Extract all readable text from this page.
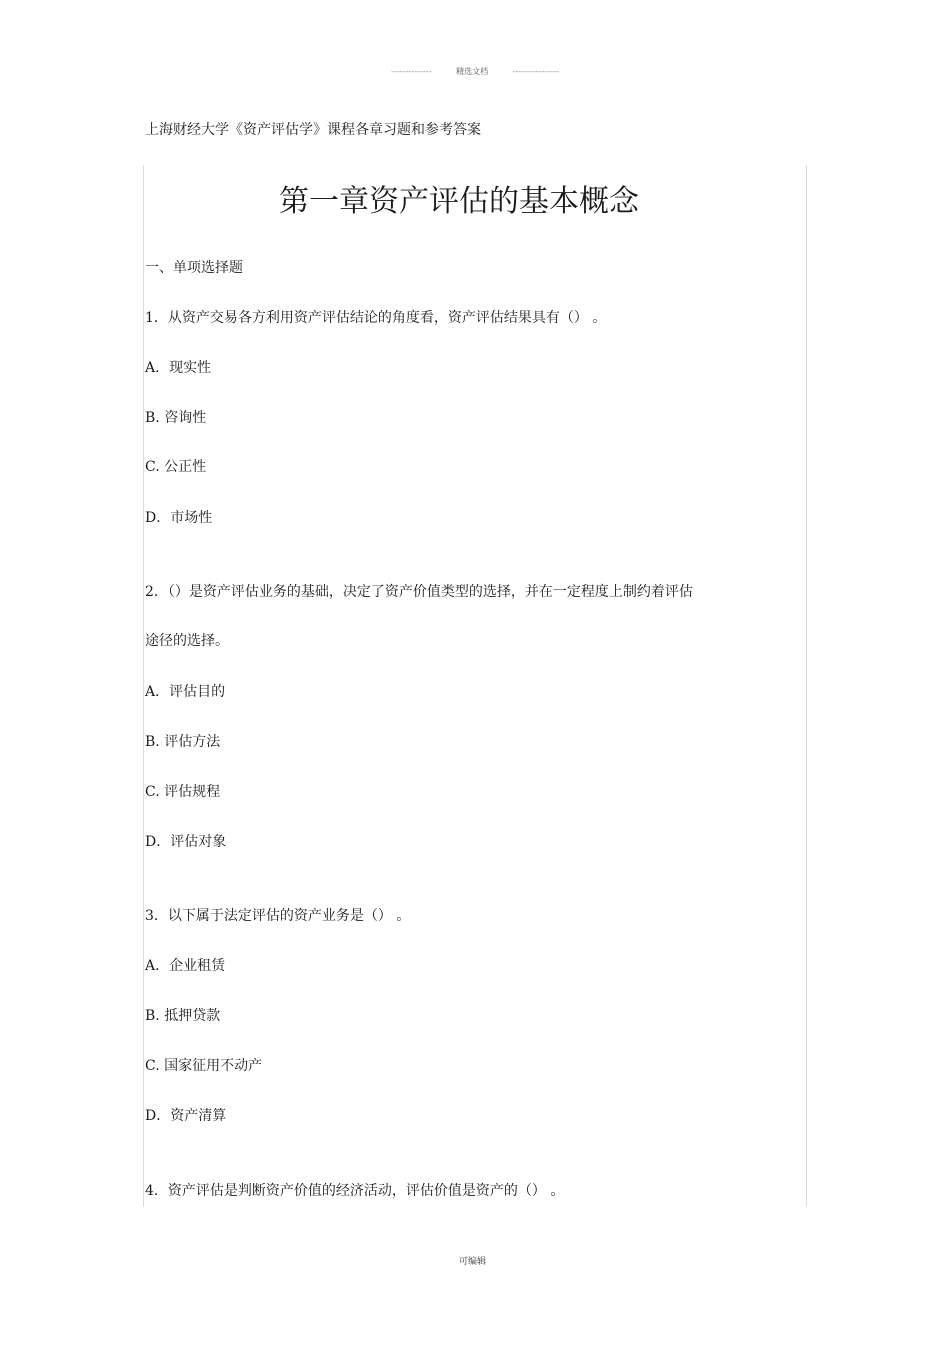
--------------	精选文档	----------------
上海财经大学《资产评估学》课程各章习题和参考答案
第一章资产评估的基本概念
一、单项选择题
1．从资产交易各方利用资产评估结论的角度看，资产评估结果具有（） 。
A．现实性
B. 咨询性
C. 公正性
D．市场性
2．（）是资产评估业务的基础，决定了资产价值类型的选择，并在一定程度上制约着评估
途径的选择。
A．评估目的
B. 评估方法
C. 评估规程
D．评估对象
3．以下属于法定评估的资产业务是（） 。
A．企业租赁
B. 抵押贷款
C. 国家征用不动产
D．资产清算
4．资产评估是判断资产价值的经济活动，评估价值是资产的（） 。
可编辑
